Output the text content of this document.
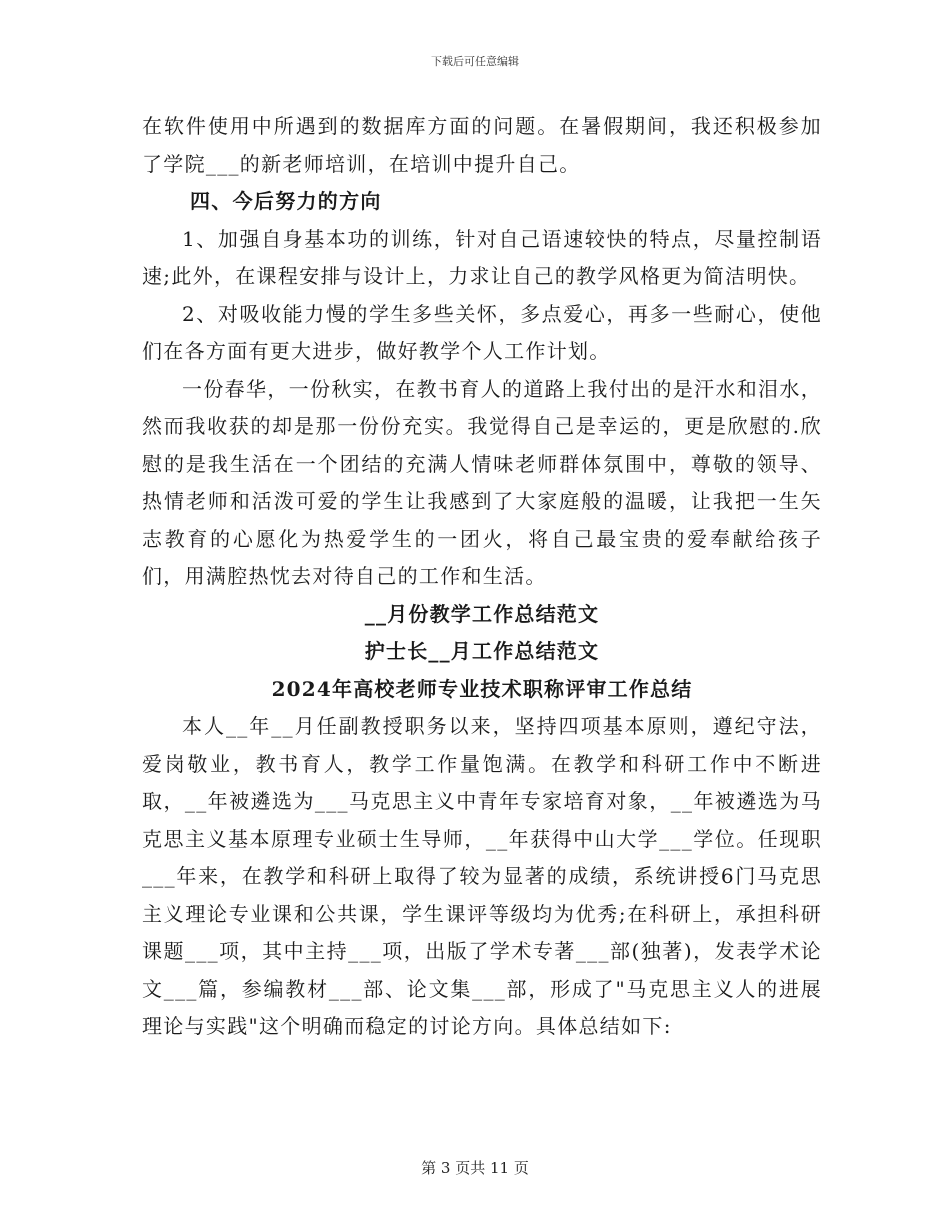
下载后可任意编辑

在软件使用中所遇到的数据库方面的问题。在暑假期间，我还积极参加了学院___的新老师培训，在培训中提升自己。

四、今后努力的方向

1、加强自身基本功的训练，针对自己语速较快的特点，尽量控制语速;此外，在课程安排与设计上，力求让自己的教学风格更为简洁明快。

2、对吸收能力慢的学生多些关怀，多点爱心，再多一些耐心，使他们在各方面有更大进步，做好教学个人工作计划。

一份春华，一份秋实，在教书育人的道路上我付出的是汗水和泪水，然而我收获的却是那一份份充实。我觉得自己是幸运的，更是欣慰的.欣慰的是我生活在一个团结的充满人情味老师群体氛围中，尊敬的领导、热情老师和活泼可爱的学生让我感到了大家庭般的温暖，让我把一生矢志教育的心愿化为热爱学生的一团火，将自己最宝贵的爱奉献给孩子们，用满腔热忱去对待自己的工作和生活。

__月份教学工作总结范文

护士长__月工作总结范文

2024年高校老师专业技术职称评审工作总结

本人__年__月任副教授职务以来，坚持四项基本原则，遵纪守法，爱岗敬业，教书育人，教学工作量饱满。在教学和科研工作中不断进取，__年被遴选为___马克思主义中青年专家培育对象，__年被遴选为马克思主义基本原理专业硕士生导师，__年获得中山大学___学位。任现职___年来，在教学和科研上取得了较为显著的成绩，系统讲授6门马克思主义理论专业课和公共课，学生课评等级均为优秀;在科研上，承担科研课题___项，其中主持___项，出版了学术专著___部(独著)，发表学术论文___篇，参编教材___部、论文集___部，形成了"马克思主义人的进展理论与实践"这个明确而稳定的讨论方向。具体总结如下:

第 3 页共 11 页
